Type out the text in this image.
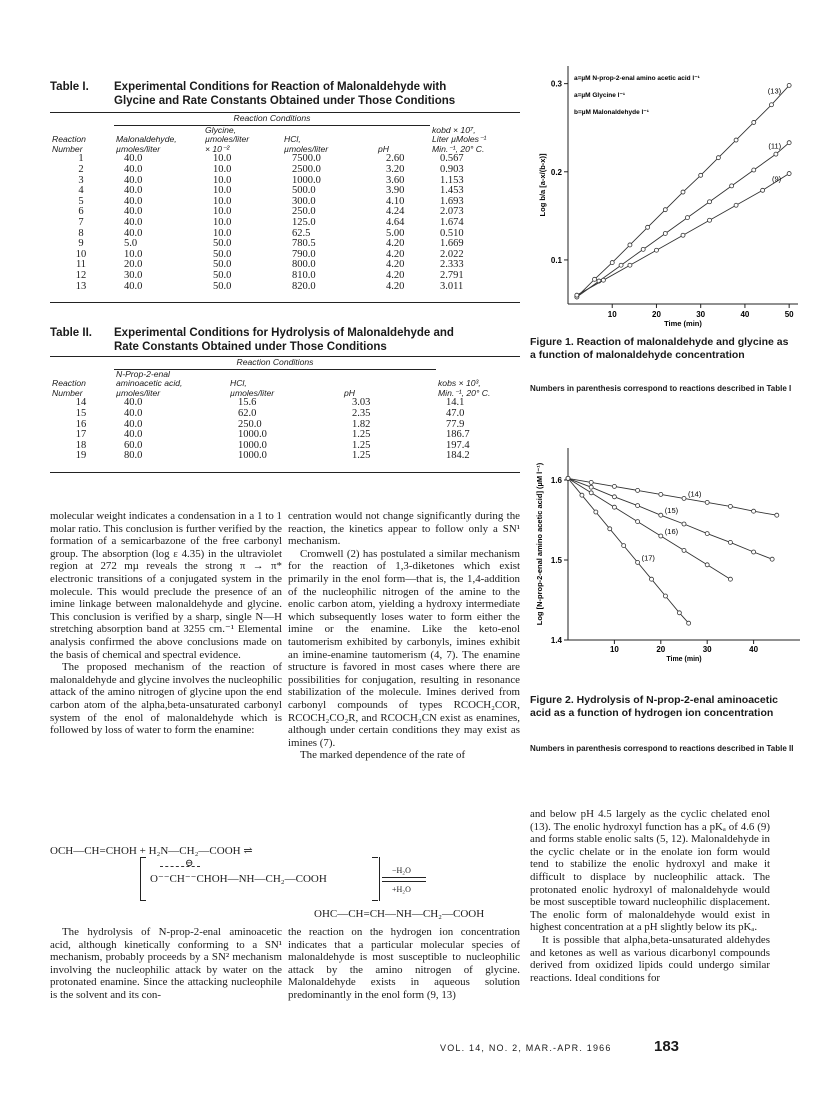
Table I. Experimental Conditions for Reaction of Malonaldehyde with
Glycine and Rate Constants Obtained under Those Conditions
	Reaction Conditions				
Reaction
Number	Malonaldehyde,
µmoles/liter	Glycine,
µmoles/liter
× 10⁻²	HCl,
µmoles/liter	pH	kobd × 10⁷,
Liter µMoles⁻¹
Min.⁻¹, 20° C.
1	40.0	10.0	7500.0	2.60	0.567
2	40.0	10.0	2500.0	3.20	0.903
3	40.0	10.0	1000.0	3.60	1.153
4	40.0	10.0	500.0	3.90	1.453
5	40.0	10.0	300.0	4.10	1.693
6	40.0	10.0	250.0	4.24	2.073
7	40.0	10.0	125.0	4.64	1.674
8	40.0	10.0	62.5	5.00	0.510
9	5.0	50.0	780.5	4.20	1.669
10	10.0	50.0	790.0	4.20	2.022
11	20.0	50.0	800.0	4.20	2.333
12	30.0	50.0	810.0	4.20	2.791
13	40.0	50.0	820.0	4.20	3.011
Table II. Experimental Conditions for Hydrolysis of Malonaldehyde and
Rate Constants Obtained under Those Conditions
	Reaction Conditions			
Reaction
Number	N-Prop-2-enal
aminoacetic acid,
µmoles/liter	HCl,
µmoles/liter	pH	kobs × 10³,
Min.⁻¹, 20° C.
14	40.0	15.6	3.03	14.1
15	40.0	62.0	2.35	47.0
16	40.0	250.0	1.82	77.9
17	40.0	1000.0	1.25	186.7
18	60.0	1000.0	1.25	197.4
19	80.0	1000.0	1.25	184.2
10	20	30	40	50
0.1
0.2
0.3
Time (min)
Log b/a [a-x/(b-x)]
a=µM N-prop-2-enal amino acetic acid l⁻¹
a=µM Glycine l⁻¹
b=µM Malonaldehyde l⁻¹
(13)
(11)
(9)
Figure 1. Reaction of malonaldehyde and glycine as a function of malonaldehyde concentration
Numbers in parenthesis correspond to reactions described in Table I
10	20	30	40
1.4
1.5
1.6
Time (min)
Log [N-prop-2-enal amino acetic acid] (µM l⁻¹)	(14)
(15)
(16)
(17)
Figure 2. Hydrolysis of N-prop-2-enal aminoacetic acid as a function of hydrogen ion concentration
Numbers in parenthesis correspond to reactions described in Table II

molecular weight indicates a condensation in a 1 to 1 molar ratio. This conclusion is further verified by the formation of a semicarbazone of the free carbonyl group. The absorption (log ε 4.35) in the ultraviolet region at 272 mµ reveals the strong π → π* electronic transitions of a conjugated system in the molecule. This would preclude the presence of an imine linkage between malonaldehyde and glycine. This conclusion is verified by a sharp, single N—H stretching absorption band at 3255 cm.⁻¹ Elemental analysis confirmed the above conclusions made on the basis of chemical and spectral evidence.

The proposed mechanism of the reaction of malonaldehyde and glycine involves the nucleophilic attack of the amino nitrogen of glycine upon the end carbon atom of the alpha,beta-unsaturated carbonyl system of the enol of malonaldehyde which is followed by loss of water to form the enamine:

centration would not change significantly during the reaction, the kinetics appear to follow only a SN¹ mechanism.

Cromwell (2) has postulated a similar mechanism for the reaction of 1,3-diketones which exist primarily in the enol form—that is, the 1,4-addition of the nucleophilic nitrogen of the amine to the enolic carbon atom, yielding a hydroxy intermediate which subsequently loses water to form either the imine or the enamine. Like the keto-enol tautomerism exhibited by carbonyls, imines exhibit an imine-enamine tautomerism (4, 7). The enamine structure is favored in most cases where there are possibilities for conjugation, resulting in resonance stabilization of the molecule. Imines derived from carbonyl compounds of types RCOCH₂COR, RCOCH₂CO₂R, and RCOCH₂CN exist as enamines, although under certain conditions they may exist as imines (7).

The marked dependence of the rate of

OCH—CH=CHOH + H₂N—CH₂—COOH ⇌
⊖
O⁻⁻CH⁻⁻CHOH—NH—CH₂—COOH
−H₂O
+H₂O
OHC—CH=CH—NH—CH₂—COOH

The hydrolysis of N-prop-2-enal aminoacetic acid, although kinetically conforming to a SN¹ mechanism, probably proceeds by a SN² mechanism involving the nucleophilic attack by water on the protonated enamine. Since the attacking nucleophile is the solvent and its con-

the reaction on the hydrogen ion concentration indicates that a particular molecular species of malonaldehyde is most susceptible to nucleophilic attack by the amino nitrogen of glycine. Malonaldehyde exists in aqueous solution predominantly in the enol form (9, 13)

and below pH 4.5 largely as the cyclic chelated enol (13). The enolic hydroxyl function has a pKₐ of 4.6 (9) and forms stable enolic salts (5, 12). Malonaldehyde in the cyclic chelate or in the enolate ion form would tend to stabilize the enolic hydroxyl and make it difficult to displace by nucleophilic attack. The protonated enolic hydroxyl of malonaldehyde would be most susceptible toward nucleophilic displacement. The enolic form of malonaldehyde would exist in highest concentration at a pH slightly below its pKₐ.

It is possible that alpha,beta-unsaturated aldehydes and ketones as well as various dicarbonyl compounds derived from oxidized lipids could undergo similar reactions. Ideal conditions for

VOL. 14, NO. 2, MAR.-APR. 1966	183
